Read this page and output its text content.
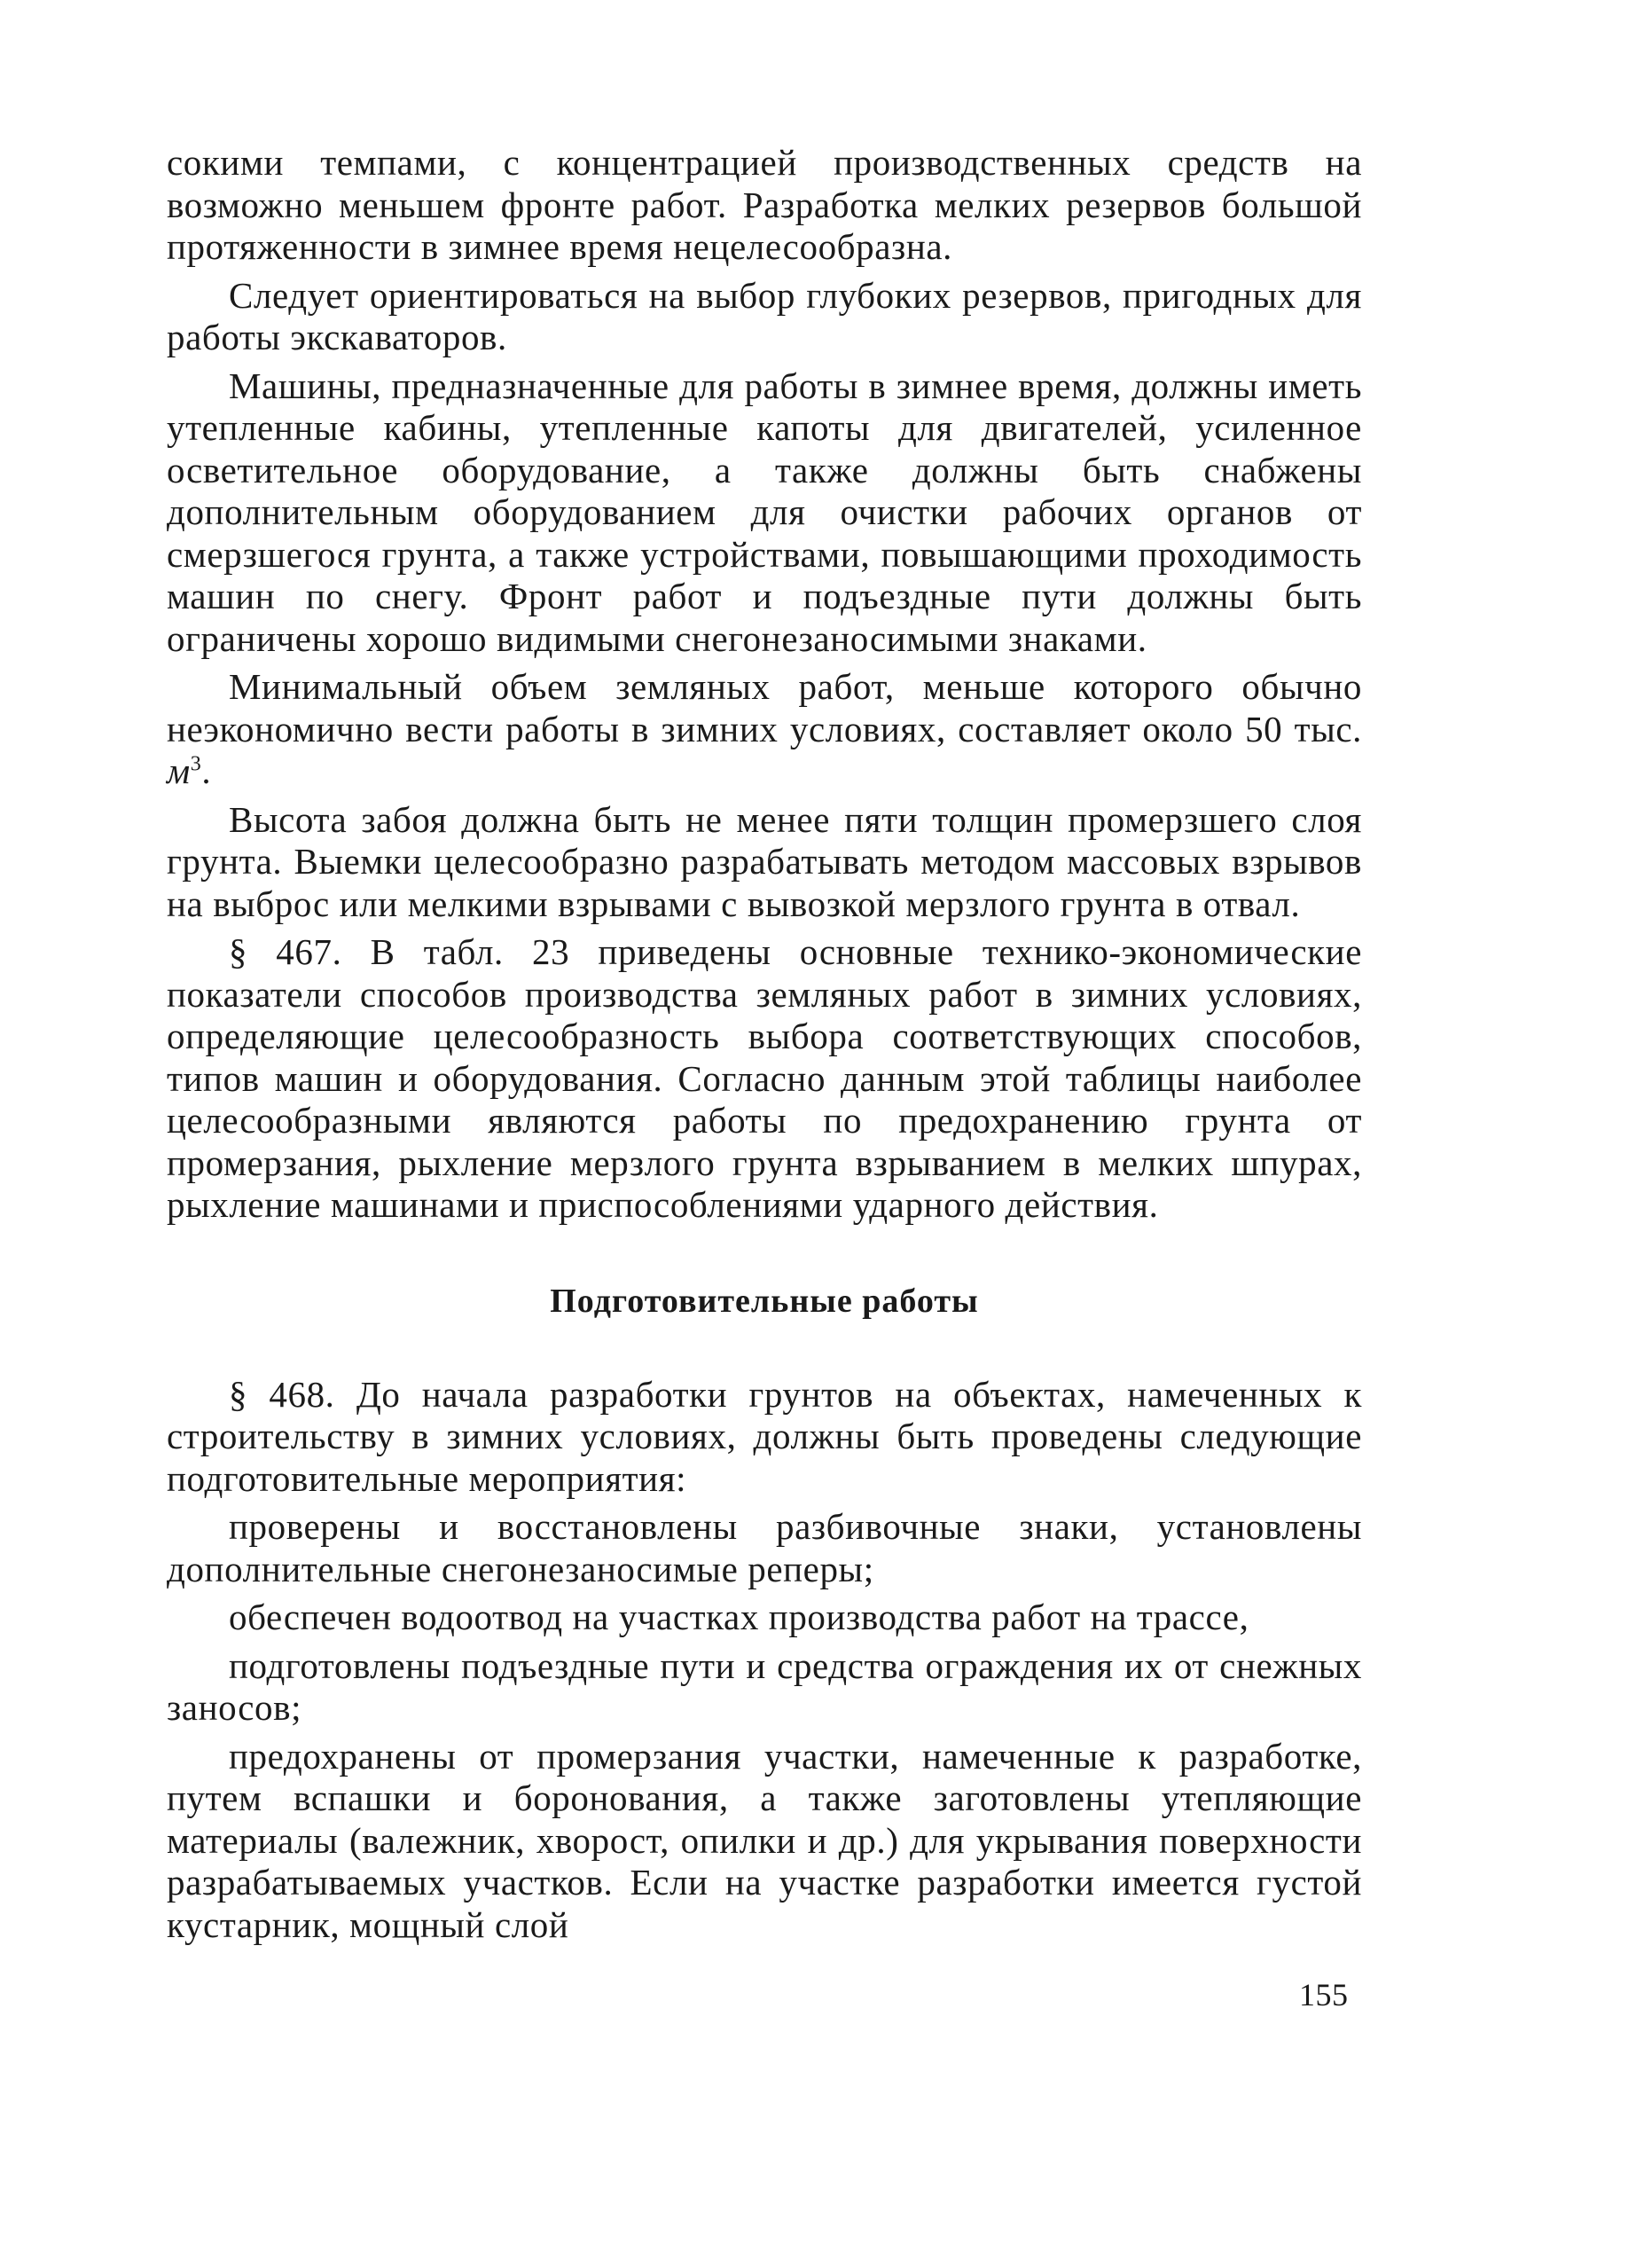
сокими темпами, с концентрацией производственных средств на возможно меньшем фронте работ. Разработка мелких резервов большой протяженности в зимнее время нецелесообразна.

Следует ориентироваться на выбор глубоких резервов, пригодных для работы экскаваторов.

Машины, предназначенные для работы в зимнее время, должны иметь утепленные кабины, утепленные капоты для двигателей, усиленное осветительное оборудование, а также должны быть снабжены дополнительным оборудованием для очистки рабочих органов от смерзшегося грунта, а также устройствами, повышающими проходимость машин по снегу. Фронт работ и подъездные пути должны быть ограничены хорошо видимыми снегонезаносимыми знаками.

Минимальный объем земляных работ, меньше которого обычно неэкономично вести работы в зимних условиях, составляет около 50 тыс. $м^3$.

Высота забоя должна быть не менее пяти толщин промерзшего слоя грунта. Выемки целесообразно разрабатывать методом массовых взрывов на выброс или мелкими взрывами с вывозкой мерзлого грунта в отвал.

§ 467. В табл. 23 приведены основные технико-экономические показатели способов производства земляных работ в зимних условиях, определяющие целесообразность выбора соответствующих способов, типов машин и оборудования. Согласно данным этой таблицы наиболее целесообразными являются работы по предохранению грунта от промерзания, рыхление мерзлого грунта взрыванием в мелких шпурах, рыхление машинами и приспособлениями ударного действия.

Подготовительные работы

§ 468. До начала разработки грунтов на объектах, намеченных к строительству в зимних условиях, должны быть проведены следующие подготовительные мероприятия:

проверены и восстановлены разбивочные знаки, установлены дополнительные снегонезаносимые реперы;

обеспечен водоотвод на участках производства работ на трассе,

подготовлены подъездные пути и средства ограждения их от снежных заносов;

предохранены от промерзания участки, намеченные к разработке, путем вспашки и боронования, а также заготовлены утепляющие материалы (валежник, хворост, опилки и др.) для укрывания поверхности разрабатываемых участков. Если на участке разработки имеется густой кустарник, мощный слой

155
